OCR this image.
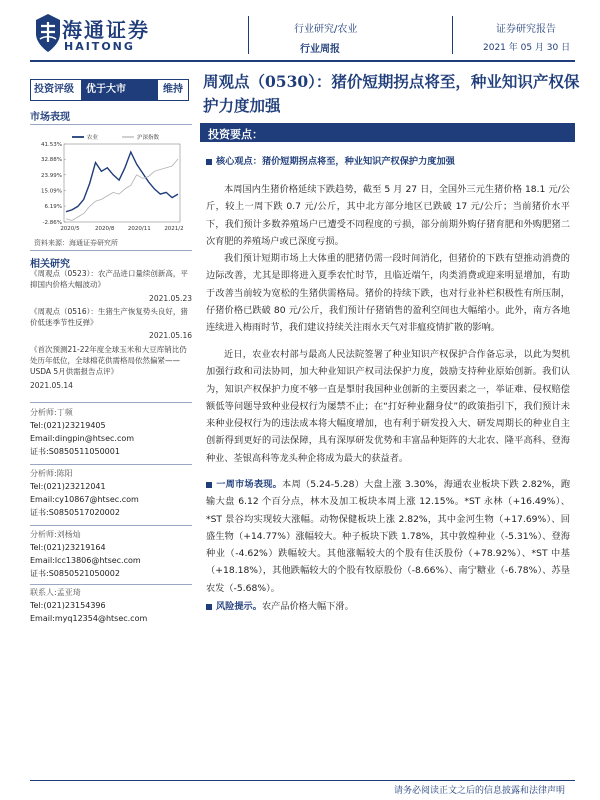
海通证券
HAITONG
行业研究/农业
行业周报
证券研究报告
2021 年 05 月 30 日
投资评级	优于大市	维持
市场表现
-2.86%
6.19%
15.09%
23.99%
32.88%
41.53%
2020/5	2020/8 2020/11 2021/2
农业	沪深指数
资料来源：海通证券研究所
相关研究

《周观点（0523）：农产品进口量续创新高，平抑国内价格大幅波动》

2021.05.23

《周观点（0516）：生猪生产恢复势头良好，猪价低迷季节性反弹》

2021.05.16

《首次预测21-22年度全球玉米和大豆库销比仍处历年低位，全球棉花供需格局依然偏紧——USDA 5月供需报告点评》

2021.05.14

分析师:丁频
Tel:(021)23219405
Email:dingpin@htsec.com
证书:S0850511050001
分析师:陈阳
Tel:(021)23212041
Email:cy10867@htsec.com
证书:S0850517020002
分析师:刘杨灿
Tel:(021)23219164
Email:lcc13806@htsec.com
证书:S0850521050002
联系人:孟亚琦
Tel:(021)23154396
Email:myq12354@htsec.com
周观点（0530）：猪价短期拐点将至，种业知识产权保护力度加强
投资要点：
核心观点：猪价短期拐点将至，种业知识产权保护力度加强
本周国内生猪价格延续下跌趋势，截至 5 月 27 日，全国外三元生猪价格 18.1 元/公斤，较上一周下跌 0.7 元/公斤，其中北方部分地区已跌破 17 元/公斤；当前猪价水平下，我们预计多数养殖场户已遭受不同程度的亏损，部分前期外购仔猪育肥和外购肥猪二次育肥的养殖场户或已深度亏损。
我们预计短期市场上大体重的肥猪仍需一段时间消化，但猪价的下跌有望推动消费的边际改善，尤其是即将进入夏季农忙时节，且临近端午，肉类消费或迎来明显增加，有助于改善当前较为宽松的生猪供需格局。猪价的持续下跌，也对行业补栏积极性有所压制，仔猪价格已跌破 80 元/公斤，我们预计仔猪销售的盈利空间也大幅缩小。此外，南方各地连续进入梅雨时节，我们建议持续关注雨水天气对非瘟疫情扩散的影响。
近日，农业农村部与最高人民法院签署了种业知识产权保护合作备忘录，以此为契机加强行政和司法协同，加大种业知识产权司法保护力度，鼓励支持种业原始创新。我们认为，知识产权保护力度不够一直是掣肘我国种业创新的主要因素之一，举证难、侵权赔偿额低等问题导致种业侵权行为屡禁不止；在“打好种业翻身仗”的政策指引下，我们预计未来种业侵权行为的违法成本将大幅度增加，也有利于研发投入大、研发周期长的种业自主创新得到更好的司法保障，具有深厚研发优势和丰富品种矩阵的大北农、隆平高科、登海种业、荃银高科等龙头种企将成为最大的获益者。
一周市场表现。本周（5.24-5.28）大盘上涨 3.30%，海通农业板块下跌 2.82%，跑输大盘 6.12 个百分点，林木及加工板块本周上涨 12.15%。*ST 永林（+16.49%）、*ST 景谷均实现较大涨幅。动物保健板块上涨 2.82%，其中金河生物（+17.69%）、回盛生物（+14.77%）涨幅较大。种子板块下跌 1.78%，其中敦煌种业（-5.31%）、登海种业（-4.62%）跌幅较大。其他涨幅较大的个股有佳沃股份（+78.92%）、*ST 中基（+18.18%），其他跌幅较大的个股有牧原股份（-8.66%）、南宁糖业（-6.78%）、苏垦农发（-5.68%）。
风险提示。农产品价格大幅下滑。
请务必阅读正文之后的信息披露和法律声明
